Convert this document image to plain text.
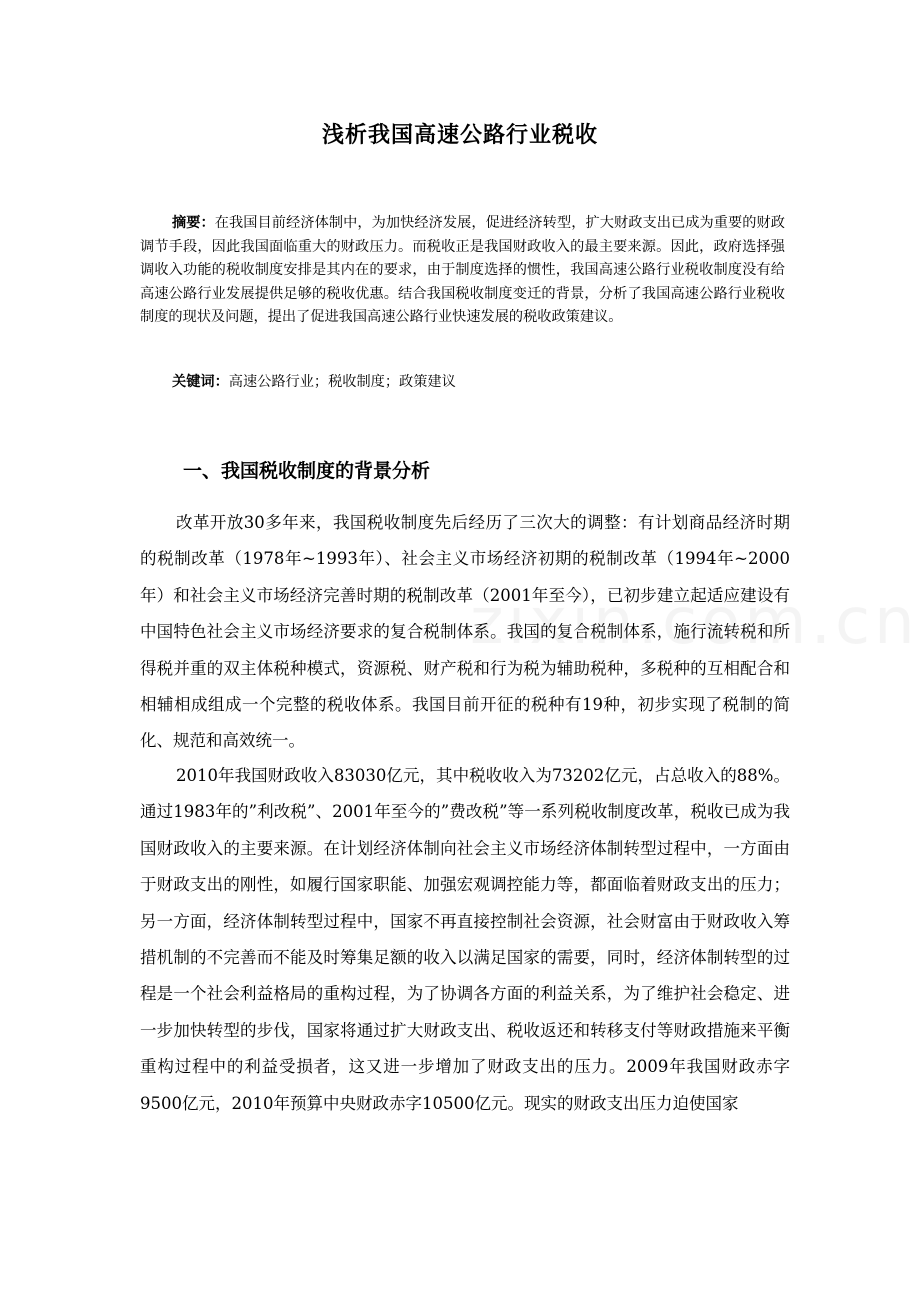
浅析我国高速公路行业税收
摘要：在我国目前经济体制中，为加快经济发展，促进经济转型，扩大财政支出已成为重要的财政调节手段，因此我国面临重大的财政压力。而税收正是我国财政收入的最主要来源。因此，政府选择强调收入功能的税收制度安排是其内在的要求，由于制度选择的惯性，我国高速公路行业税收制度没有给高速公路行业发展提供足够的税收优惠。结合我国税收制度变迁的背景，分析了我国高速公路行业税收制度的现状及问题，提出了促进我国高速公路行业快速发展的税收政策建议。
关键词：高速公路行业；税收制度；政策建议
一、我国税收制度的背景分析
改革开放30多年来，我国税收制度先后经历了三次大的调整：有计划商品经济时期的税制改革（1978年~1993年）、社会主义市场经济初期的税制改革（1994年~2000年）和社会主义市场经济完善时期的税制改革（2001年至今），已初步建立起适应建设有中国特色社会主义市场经济要求的复合税制体系。我国的复合税制体系，施行流转税和所得税并重的双主体税种模式，资源税、财产税和行为税为辅助税种，多税种的互相配合和相辅相成组成一个完整的税收体系。我国目前开征的税种有19种，初步实现了税制的简化、规范和高效统一。
2010年我国财政收入83030亿元，其中税收收入为73202亿元，占总收入的88%。通过1983年的”利改税”、2001年至今的”费改税”等一系列税收制度改革，税收已成为我国财政收入的主要来源。在计划经济体制向社会主义市场经济体制转型过程中，一方面由于财政支出的刚性，如履行国家职能、加强宏观调控能力等，都面临着财政支出的压力；另一方面，经济体制转型过程中，国家不再直接控制社会资源，社会财富由于财政收入筹措机制的不完善而不能及时筹集足额的收入以满足国家的需要，同时，经济体制转型的过程是一个社会利益格局的重构过程，为了协调各方面的利益关系，为了维护社会稳定、进一步加快转型的步伐，国家将通过扩大财政支出、税收返还和转移支付等财政措施来平衡重构过程中的利益受损者，这又进一步增加了财政支出的压力。2009年我国财政赤字9500亿元，2010年预算中央财政赤字10500亿元。现实的财政支出压力迫使国家
